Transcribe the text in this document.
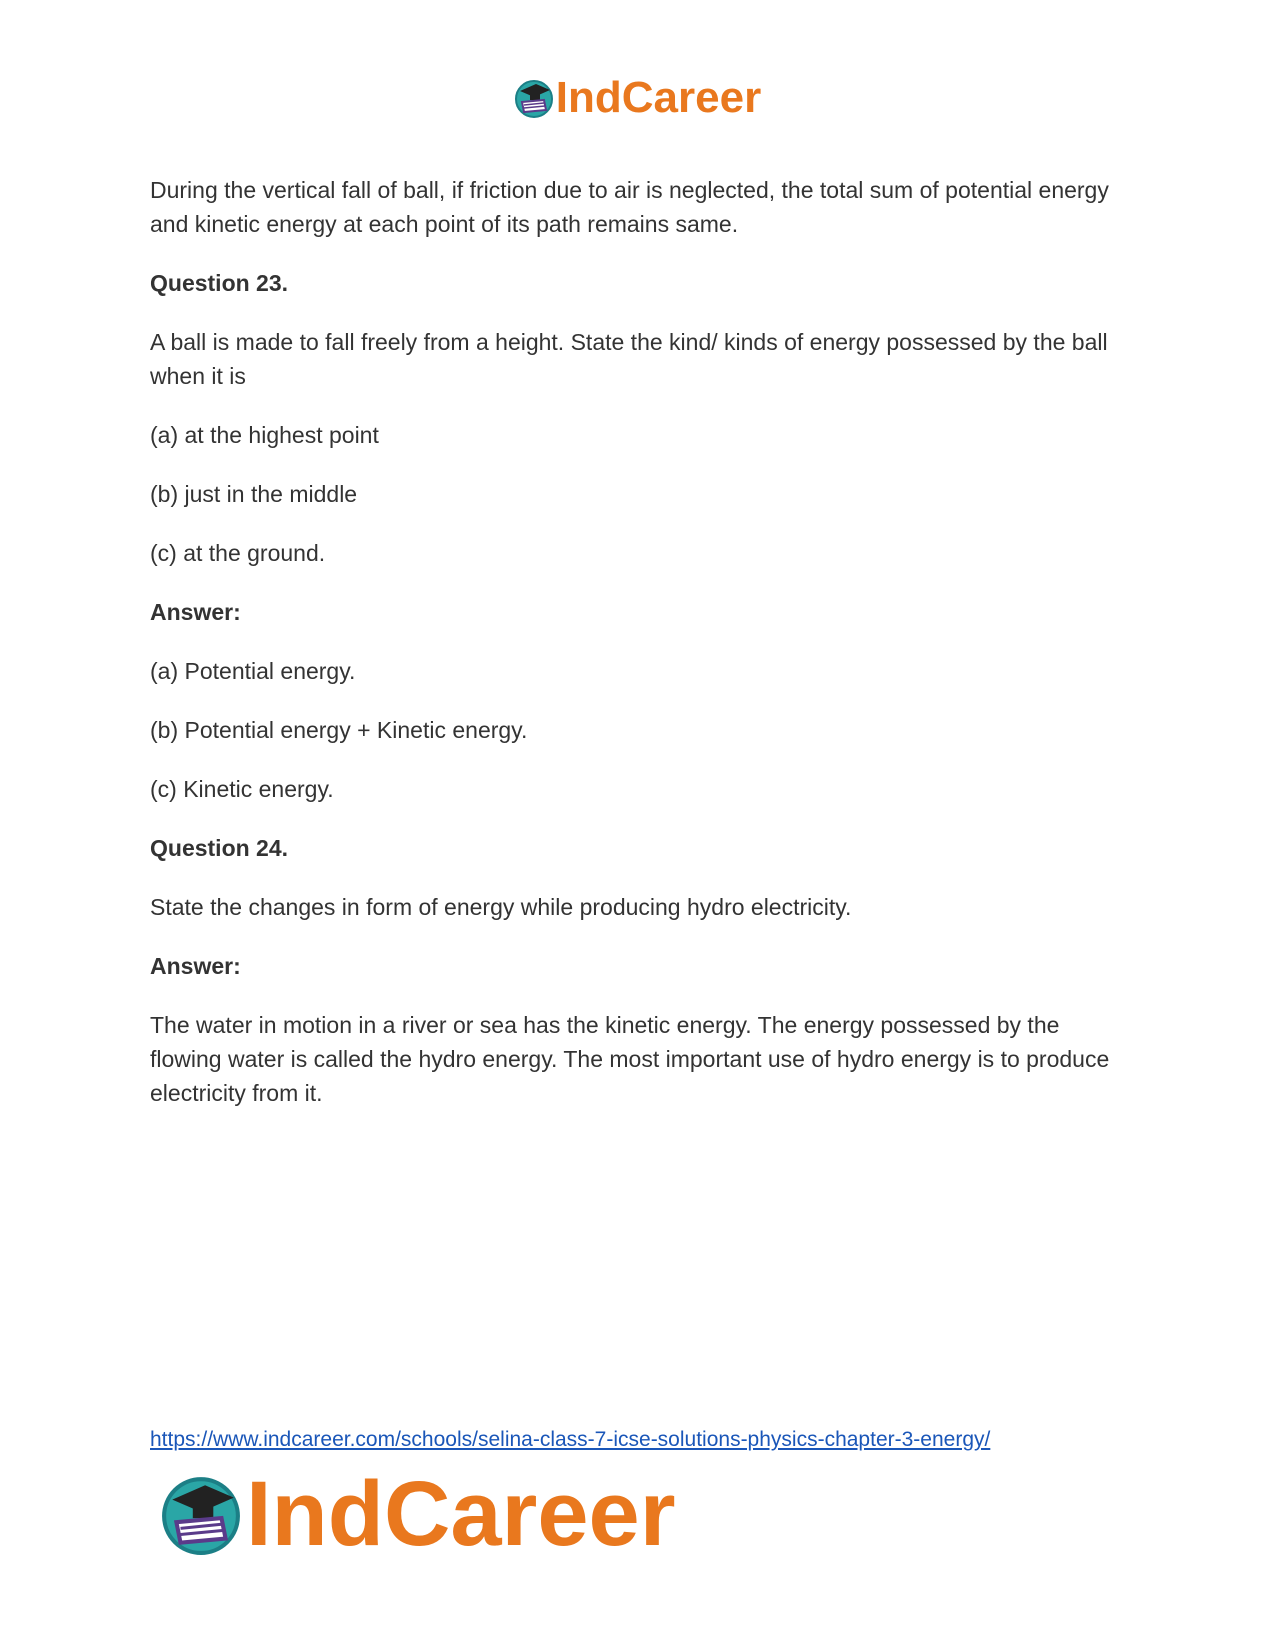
IndCareer

During the vertical fall of ball, if friction due to air is neglected, the total sum of potential energy and kinetic energy at each point of its path remains same.

Question 23.

A ball is made to fall freely from a height. State the kind/ kinds of energy possessed by the ball when it is

(a) at the highest point

(b) just in the middle

(c) at the ground.

Answer:

(a) Potential energy.

(b) Potential energy + Kinetic energy.

(c) Kinetic energy.

Question 24.

State the changes in form of energy while producing hydro electricity.

Answer:

The water in motion in a river or sea has the kinetic energy. The energy possessed by the flowing water is called the hydro energy. The most important use of hydro energy is to produce electricity from it.

https://www.indcareer.com/schools/selina-class-7-icse-solutions-physics-chapter-3-energy/
IndCareer
